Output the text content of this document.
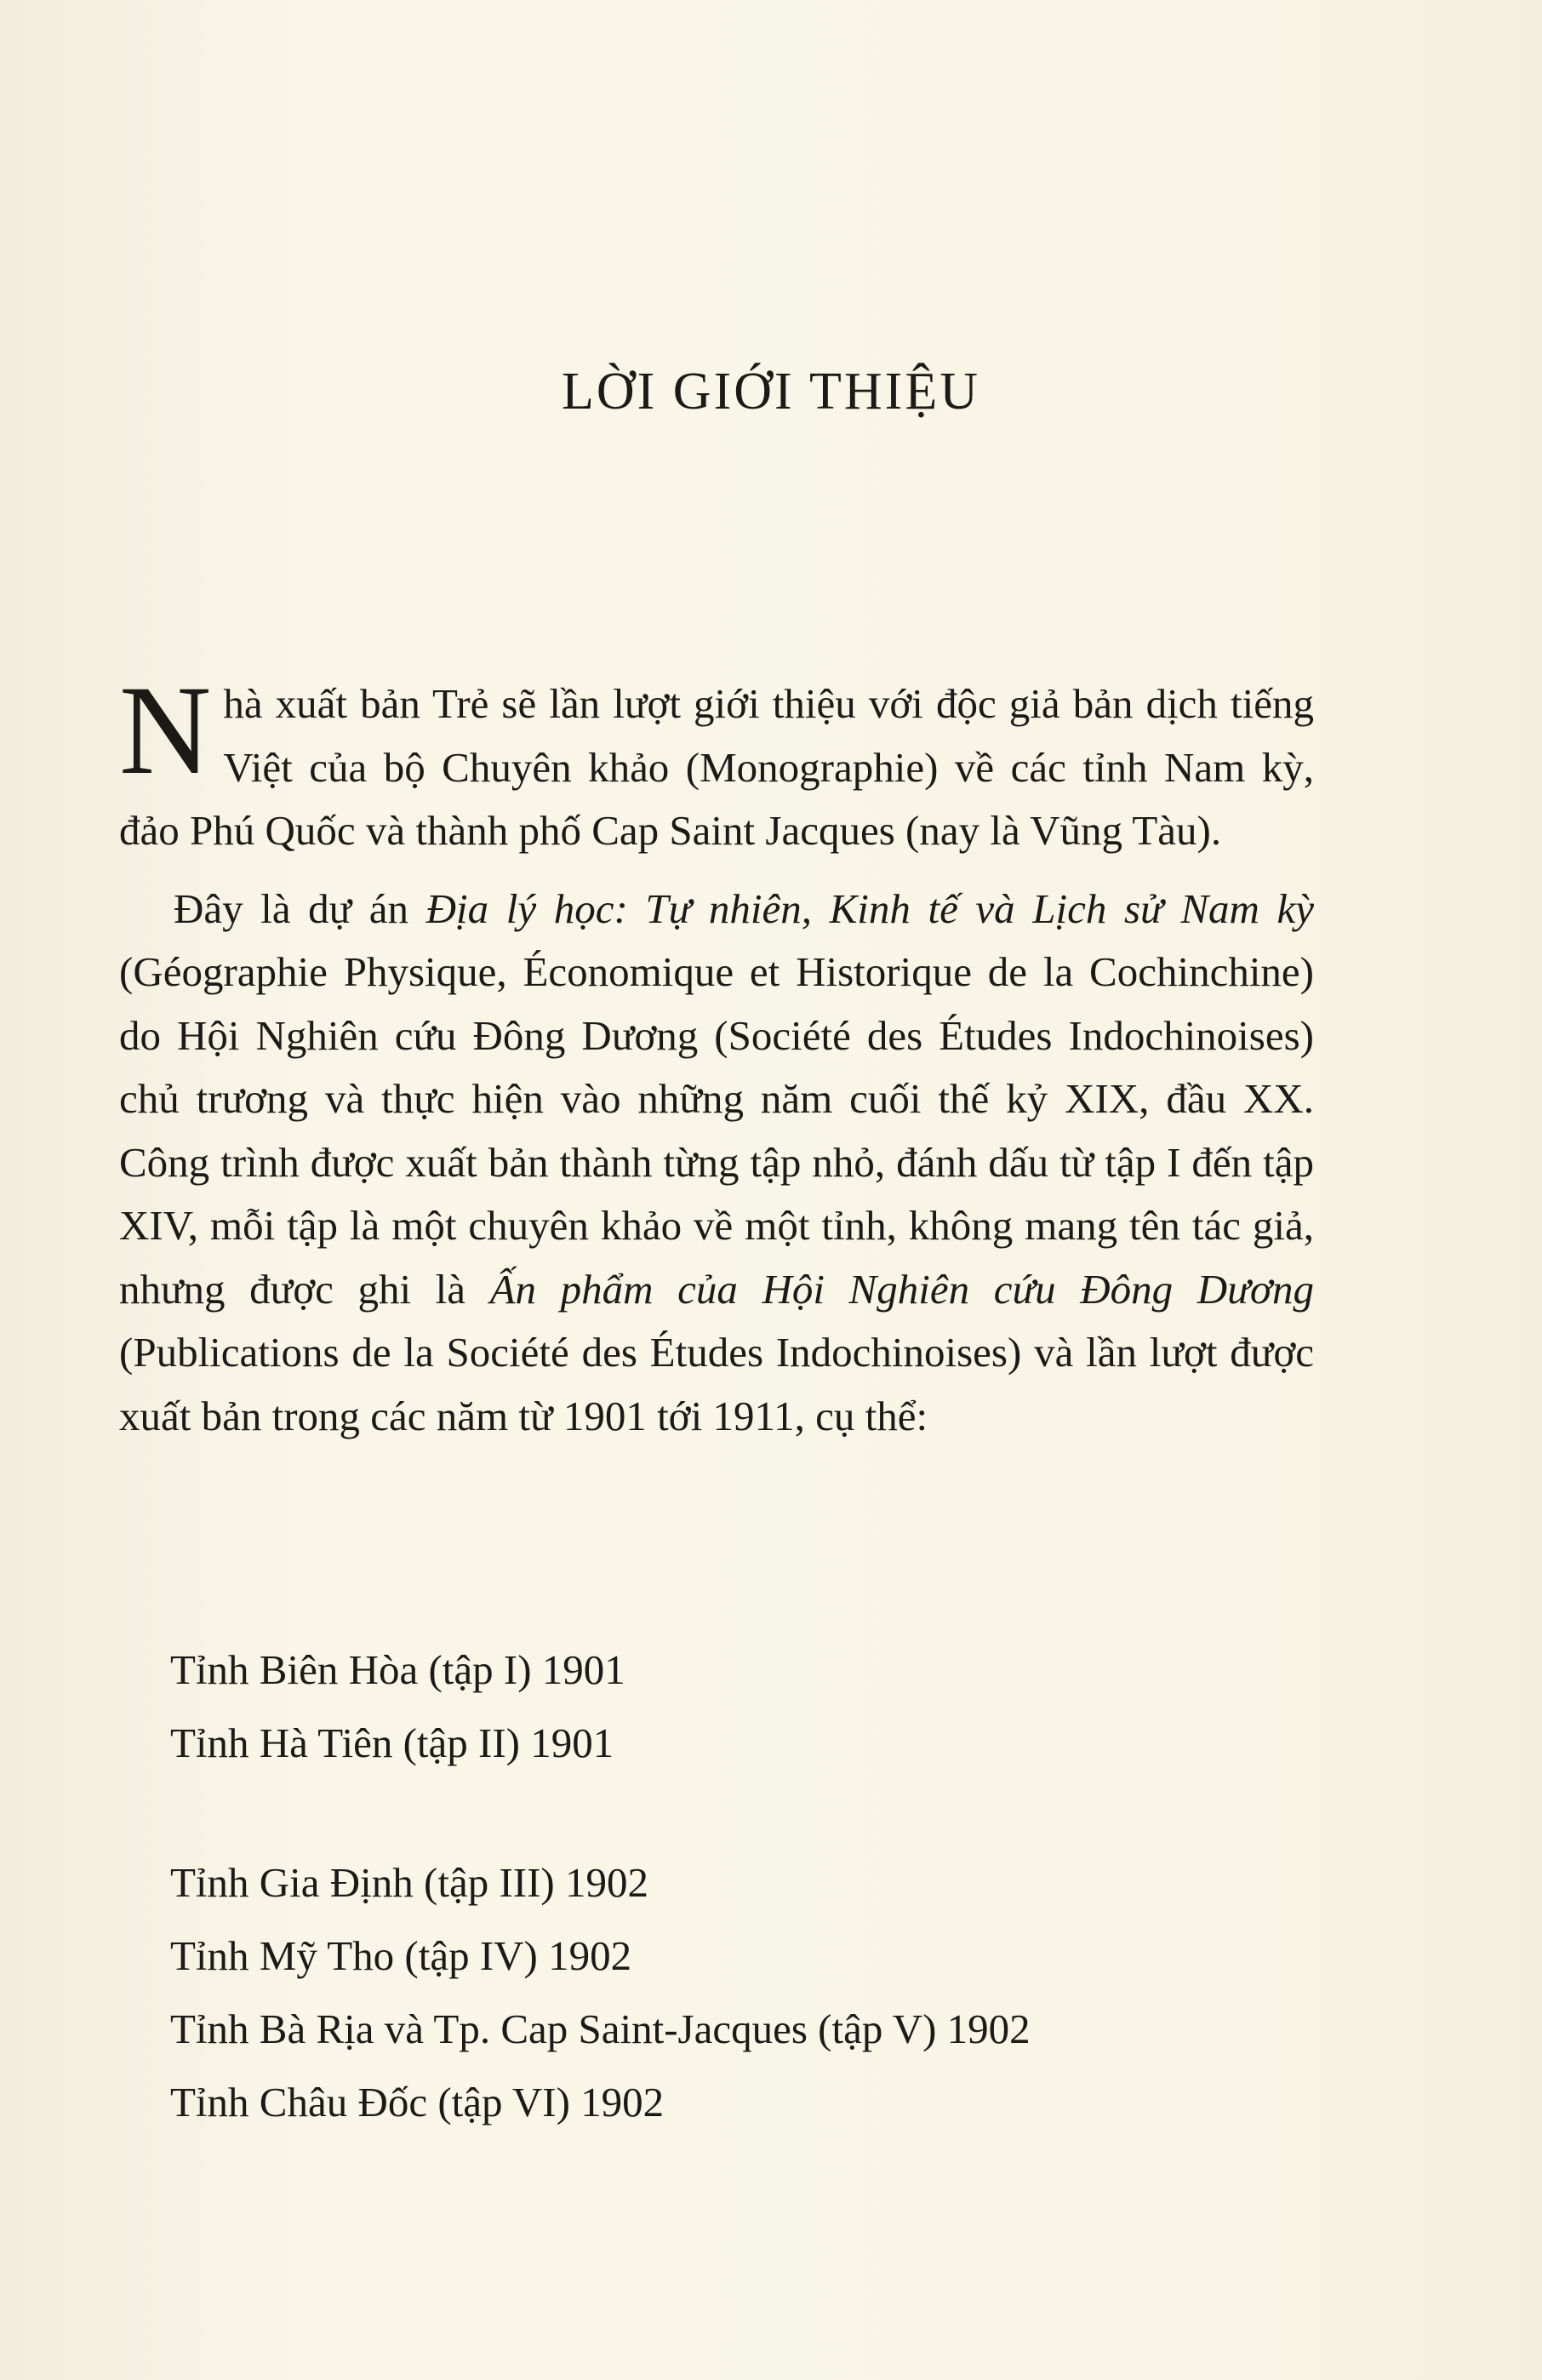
LỜI GIỚI THIỆU

Nhà xuất bản Trẻ sẽ lần lượt giới thiệu với độc giả bản dịch tiếng Việt của bộ Chuyên khảo (Monographie) về các tỉnh Nam kỳ, đảo Phú Quốc và thành phố Cap Saint Jacques (nay là Vũng Tàu).

Đây là dự án Địa lý học: Tự nhiên, Kinh tế và Lịch sử Nam kỳ (Géographie Physique, Économique et Historique de la Cochinchine) do Hội Nghiên cứu Đông Dương (Société des Études Indochinoises) chủ trương và thực hiện vào những năm cuối thế kỷ XIX, đầu XX. Công trình được xuất bản thành từng tập nhỏ, đánh dấu từ tập I đến tập XIV, mỗi tập là một chuyên khảo về một tỉnh, không mang tên tác giả, nhưng được ghi là Ấn phẩm của Hội Nghiên cứu Đông Dương (Publications de la Société des Études Indochinoises) và lần lượt được xuất bản trong các năm từ 1901 tới 1911, cụ thể:

Tỉnh Biên Hòa (tập I) 1901
Tỉnh Hà Tiên (tập II) 1901
Tỉnh Gia Định (tập III) 1902
Tỉnh Mỹ Tho (tập IV) 1902
Tỉnh Bà Rịa và Tp. Cap Saint-Jacques (tập V) 1902
Tỉnh Châu Đốc (tập VI) 1902
